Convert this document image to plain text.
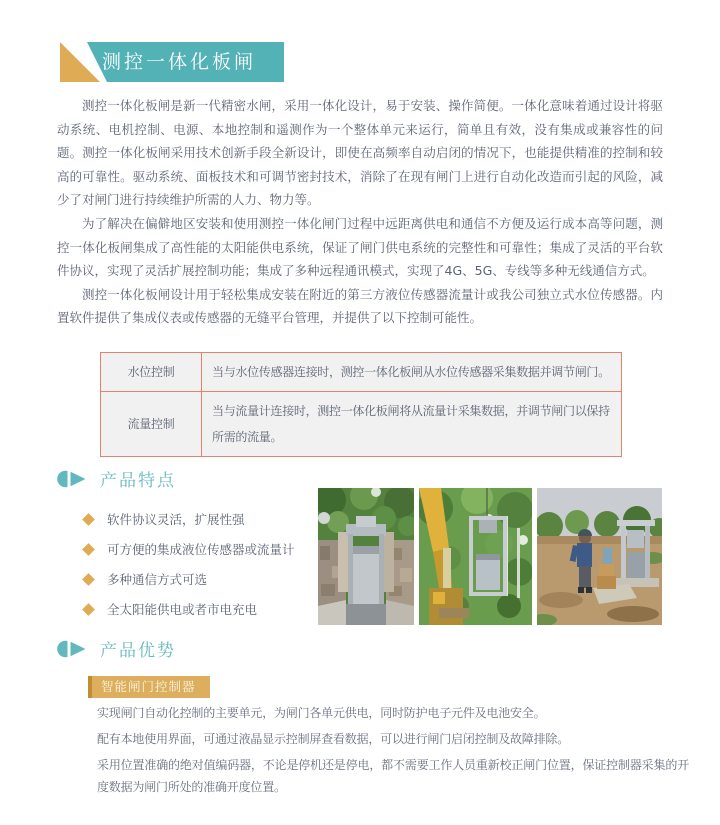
测控一体化板闸

测控一体化板闸是新一代精密水闸，采用一体化设计，易于安装、操作简便。一体化意味着通过设计将驱动系统、电机控制、电源、本地控制和遥测作为一个整体单元来运行，简单且有效，没有集成或兼容性的问题。测控一体化板闸采用技术创新手段全新设计，即使在高频率自动启闭的情况下，也能提供精准的控制和较高的可靠性。驱动系统、面板技术和可调节密封技术，消除了在现有闸门上进行自动化改造而引起的风险，减少了对闸门进行持续维护所需的人力、物力等。

为了解决在偏僻地区安装和使用测控一体化闸门过程中远距离供电和通信不方便及运行成本高等问题，测控一体化板闸集成了高性能的太阳能供电系统，保证了闸门供电系统的完整性和可靠性；集成了灵活的平台软件协议，实现了灵活扩展控制功能；集成了多种远程通讯模式，实现了4G、5G、专线等多种无线通信方式。

测控一体化板闸设计用于轻松集成安装在附近的第三方液位传感器流量计或我公司独立式水位传感器。内置软件提供了集成仪表或传感器的无缝平台管理，并提供了以下控制可能性。

水位控制	当与水位传感器连接时，测控一体化板闸从水位传感器采集数据并调节闸门。
流量控制	当与流量计连接时，测控一体化板闸将从流量计采集数据，并调节闸门以保持所需的流量。
产品特点
软件协议灵活，扩展性强
可方便的集成液位传感器或流量计
多种通信方式可选
全太阳能供电或者市电充电
产品优势
智能闸门控制器

实现闸门自动化控制的主要单元，为闸门各单元供电，同时防护电子元件及电池安全。

配有本地使用界面，可通过液晶显示控制屏查看数据，可以进行闸门启闭控制及故障排除。

采用位置准确的绝对值编码器，不论是停机还是停电，都不需要工作人员重新校正闸门位置，保证控制器采集的开度数据为闸门所处的准确开度位置。
